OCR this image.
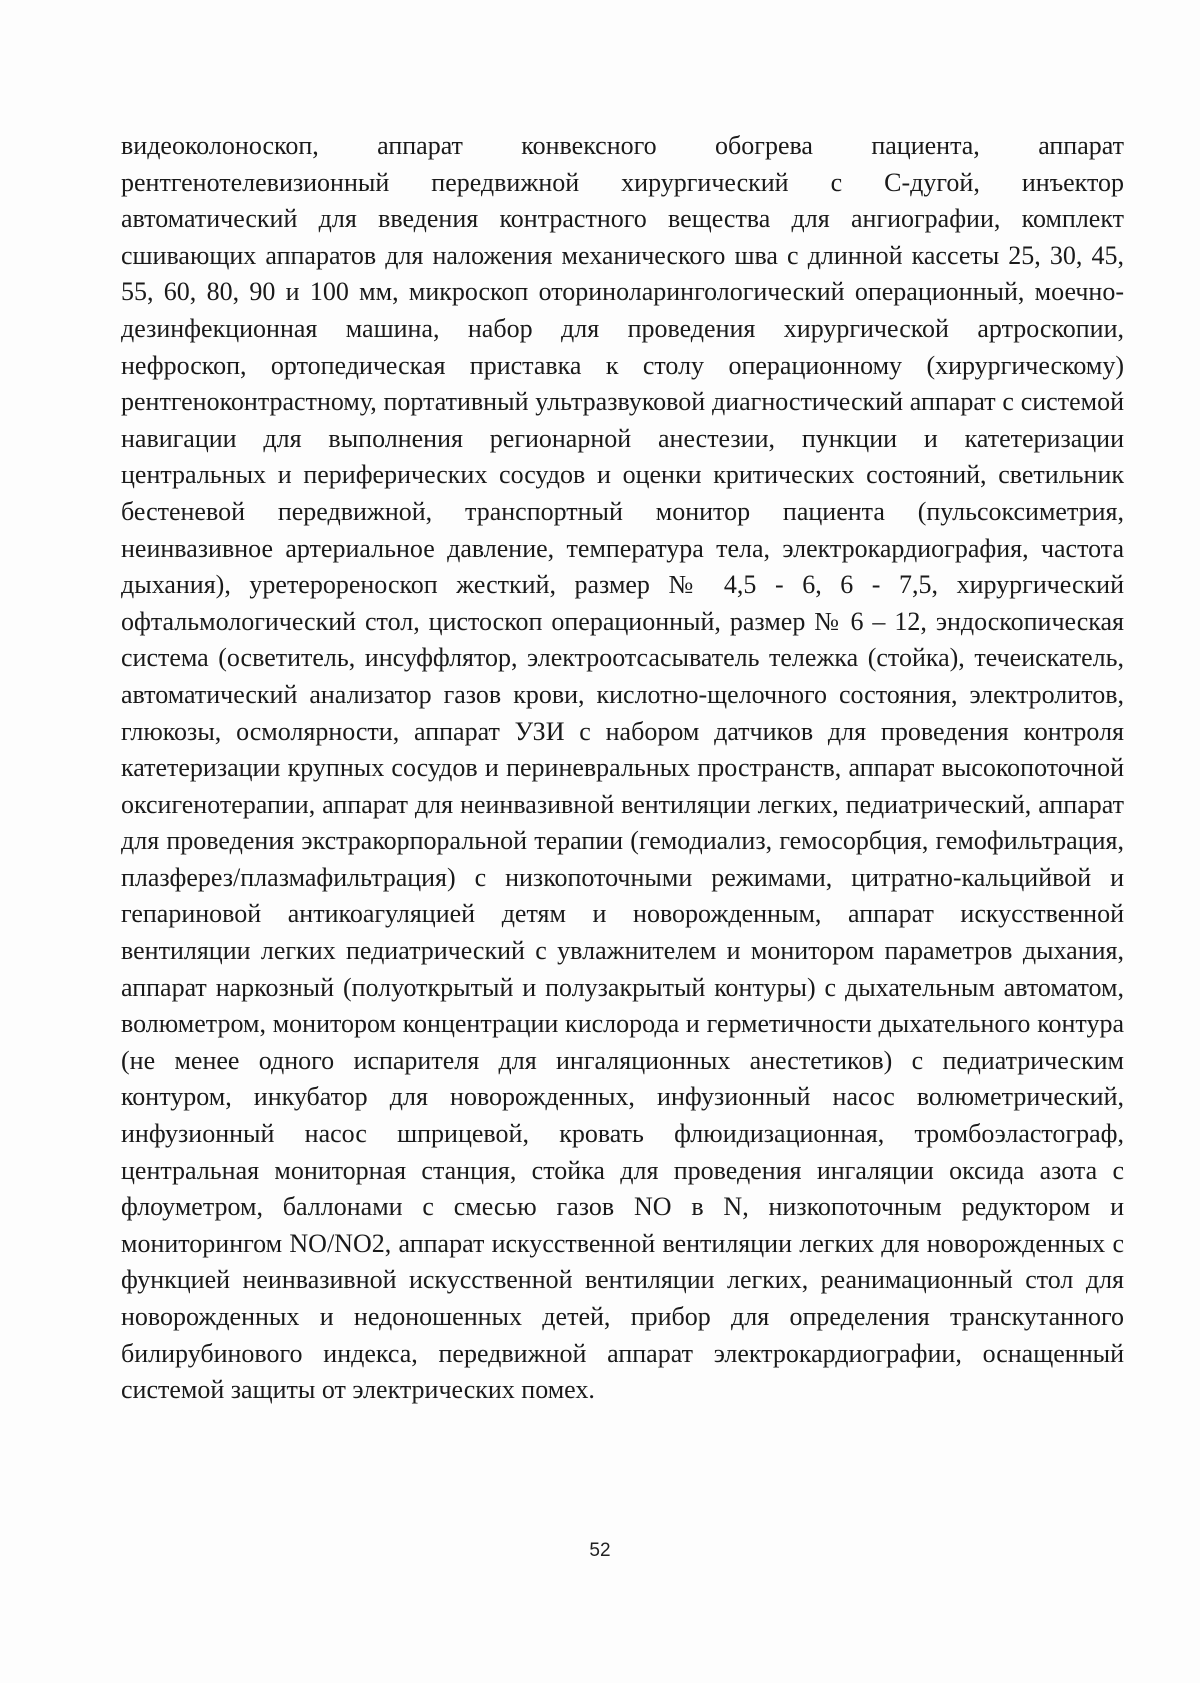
видеоколоноскоп, аппарат конвексного обогрева пациента, аппарат рентгенотелевизионный передвижной хирургический с С-дугой, инъектор автоматический для введения контрастного вещества для ангиографии, комплект сшивающих аппаратов для наложения механического шва с длинной кассеты 25, 30, 45, 55, 60, 80, 90 и 100 мм, микроскоп оториноларингологический операционный, моечно-дезинфекционная машина, набор для проведения хирургической артроскопии, нефроскоп, ортопедическая приставка к столу операционному (хирургическому) рентгеноконтрастному, портативный ультразвуковой диагностический аппарат с системой навигации для выполнения регионарной анестезии, пункции и катетеризации центральных и периферических сосудов и оценки критических состояний, светильник бестеневой передвижной, транспортный монитор пациента (пульсоксиметрия, неинвазивное артериальное давление, температура тела, электрокардиография, частота дыхания), уретерореноскоп жесткий, размер № 4,5 - 6, 6 - 7,5, хирургический офтальмологический стол, цистоскоп операционный, размер № 6 – 12, эндоскопическая система (осветитель, инсуффлятор, электроотсасыватель тележка (стойка), течеискатель, автоматический анализатор газов крови, кислотно-щелочного состояния, электролитов, глюкозы, осмолярности, аппарат УЗИ с набором датчиков для проведения контроля катетеризации крупных сосудов и периневральных пространств, аппарат высокопоточной оксигенотерапии, аппарат для неинвазивной вентиляции легких, педиатрический, аппарат для проведения экстракорпоральной терапии (гемодиализ, гемосорбция, гемофильтрация, плазферез/плазмафильтрация) с низкопоточными режимами, цитратно-кальцийвой и гепариновой антикоагуляцией детям и новорожденным, аппарат искусственной вентиляции легких педиатрический с увлажнителем и монитором параметров дыхания, аппарат наркозный (полуоткрытый и полузакрытый контуры) с дыхательным автоматом, волюметром, монитором концентрации кислорода и герметичности дыхательного контура (не менее одного испарителя для ингаляционных анестетиков) с педиатрическим контуром, инкубатор для новорожденных, инфузионный насос волюметрический, инфузионный насос шприцевой, кровать флюидизационная, тромбоэластограф, центральная мониторная станция, стойка для проведения ингаляции оксида азота с флоуметром, баллонами с смесью газов NO в N, низкопоточным редуктором и мониторингом NO/NO2, аппарат искусственной вентиляции легких для новорожденных с функцией неинвазивной искусственной вентиляции легких, реанимационный стол для новорожденных и недоношенных детей, прибор для определения транскутанного билирубинового индекса, передвижной аппарат электрокардиографии, оснащенный системой защиты от электрических помех.

52
